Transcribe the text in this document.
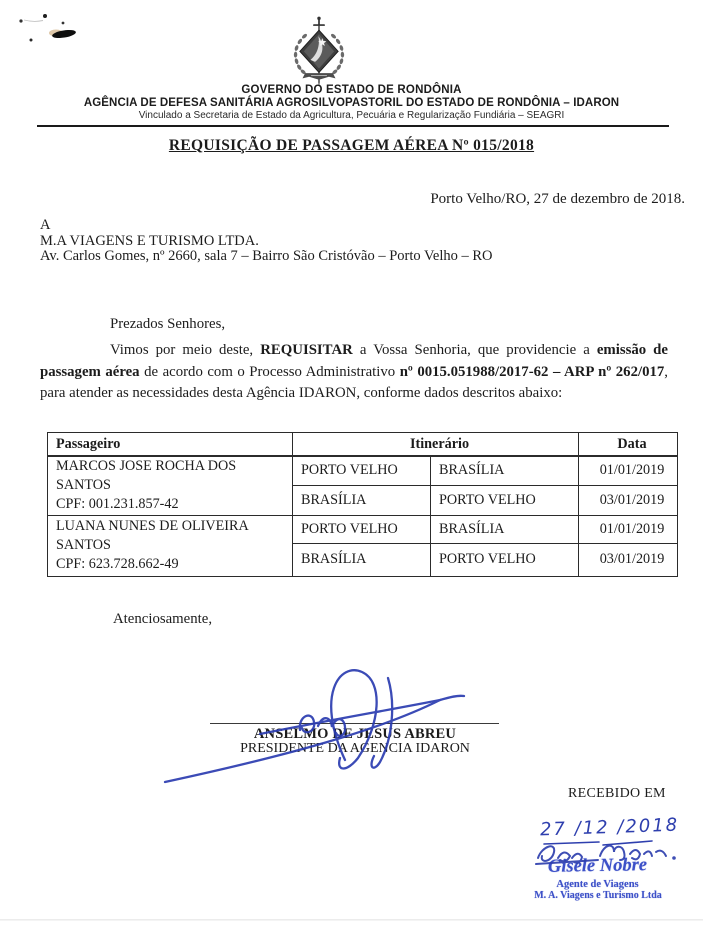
GOVERNO DO ESTADO DE RONDÔNIA
AGÊNCIA DE DEFESA SANITÁRIA AGROSILVOPASTORIL DO ESTADO DE RONDÔNIA – IDARON
Vinculado a Secretaria de Estado da Agricultura, Pecuária e Regularização Fundiária – SEAGRI
REQUISIÇÃO DE PASSAGEM AÉREA Nº 015/2018
Porto Velho/RO, 27 de dezembro de 2018.
A
M.A VIAGENS E TURISMO LTDA.
Av. Carlos Gomes, nº 2660, sala 7 – Bairro São Cristóvão – Porto Velho – RO
Prezados Senhores,
Vimos por meio deste, REQUISITAR a Vossa Senhoria, que providencie a emissão de passagem aérea de acordo com o Processo Administrativo nº 0015.051988/2017-62 – ARP nº 262/017, para atender as necessidades desta Agência IDARON, conforme dados descritos abaixo:
Passageiro	Itinerário		Data

MARCOS JOSE ROCHA DOS SANTOS
CPF: 001.231.857-42	PORTO VELHO	BRASÍLIA	01/01/2019
	BRASÍLIA	PORTO VELHO	03/01/2019

LUANA NUNES DE OLIVEIRA SANTOS
CPF: 623.728.662-49	PORTO VELHO	BRASÍLIA	01/01/2019
	BRASÍLIA	PORTO VELHO	03/01/2019
Atenciosamente,
ANSELMO DE JESUS ABREU
PRESIDENTE DA AGENCIA IDARON
RECEBIDO EM
27 /12 /2018
Gisele Nobre
Agente de Viagens
M. A. Viagens e Turismo Ltda
